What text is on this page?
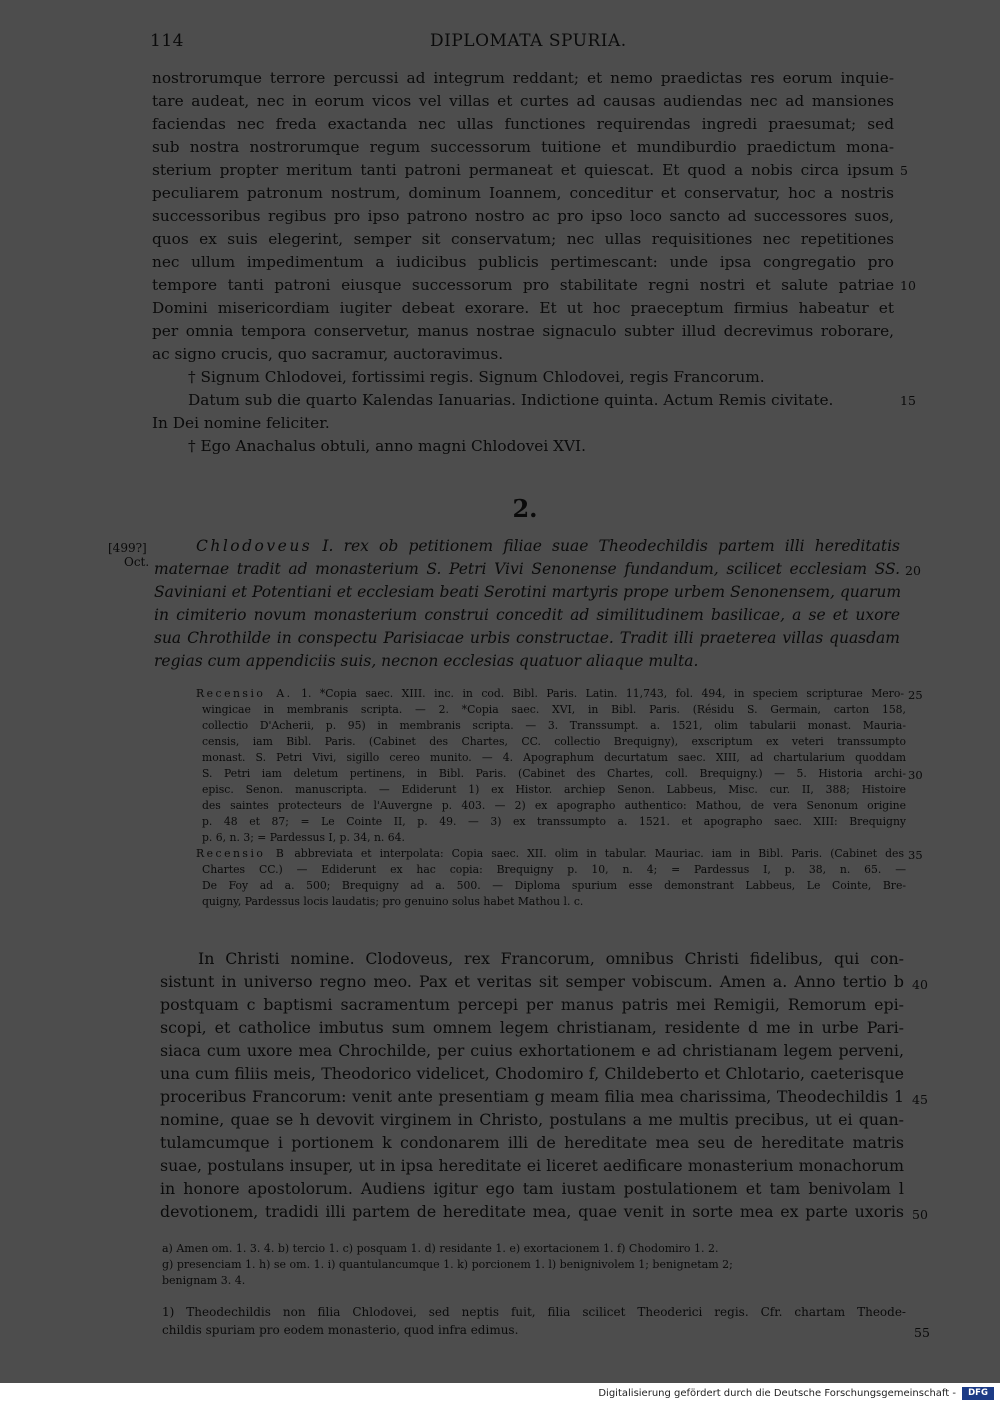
114	DIPLOMATA SPURIA.
nostrorumque terrore percussi ad integrum reddant; et nemo praedictas res eorum inquie-
tare audeat, nec in eorum vicos vel villas et curtes ad causas audiendas nec ad mansiones
faciendas nec freda exactanda nec ullas functiones requirendas ingredi praesumat; sed
sub nostra nostrorumque regum successorum tuitione et mundiburdio praedictum mona-
sterium propter meritum tanti patroni permaneat et quiescat. Et quod a nobis circa ipsum
peculiarem patronum nostrum, dominum Ioannem, conceditur et conservatur, hoc a nostris
successoribus regibus pro ipso patrono nostro ac pro ipso loco sancto ad successores suos,
quos ex suis elegerint, semper sit conservatum; nec ullas requisitiones nec repetitiones
nec ullum impedimentum a iudicibus publicis pertimescant: unde ipsa congregatio pro
tempore tanti patroni eiusque successorum pro stabilitate regni nostri et salute patriae
Domini misericordiam iugiter debeat exorare. Et ut hoc praeceptum firmius habeatur et
per omnia tempora conservetur, manus nostrae signaculo subter illud decrevimus roborare,
ac signo crucis, quo sacramur, auctoravimus.
† Signum Chlodovei, fortissimi regis. Signum Chlodovei, regis Francorum.
Datum sub die quarto Kalendas Ianuarias. Indictione quinta. Actum Remis civitate.
In Dei nomine feliciter.
† Ego Anachalus obtuli, anno magni Chlodovei XVI.
5
10
15
2.
[499?]
Oct.
Chlodoveus I. rex ob petitionem filiae suae Theodechildis partem illi hereditatis
maternae tradit ad monasterium S. Petri Vivi Senonense fundandum, scilicet ecclesiam SS.
Saviniani et Potentiani et ecclesiam beati Serotini martyris prope urbem Senonensem, quarum
in cimiterio novum monasterium construi concedit ad similitudinem basilicae, a se et uxore
sua Chrothilde in conspectu Parisiacae urbis constructae. Tradit illi praeterea villas quasdam
regias cum appendiciis suis, necnon ecclesias quatuor aliaque multa.
20
Recensio A. 1. *Copia saec. XIII. inc. in cod. Bibl. Paris. Latin. 11,743, fol. 494, in speciem scripturae Mero-
wingicae in membranis scripta. — 2. *Copia saec. XVI, in Bibl. Paris. (Résidu S. Germain, carton 158,
collectio D'Acherii, p. 95) in membranis scripta. — 3. Transsumpt. a. 1521, olim tabularii monast. Mauria-
censis, iam Bibl. Paris. (Cabinet des Chartes, CC. collectio Brequigny), exscriptum ex veteri transsumpto
monast. S. Petri Vivi, sigillo cereo munito. — 4. Apographum decurtatum saec. XIII, ad chartularium quoddam
S. Petri iam deletum pertinens, in Bibl. Paris. (Cabinet des Chartes, coll. Brequigny.) — 5. Historia archi-
episc. Senon. manuscripta. — Ediderunt 1) ex Histor. archiep Senon. Labbeus, Misc. cur. II, 388; Histoire
des saintes protecteurs de l'Auvergne p. 403. — 2) ex apographo authentico: Mathou, de vera Senonum origine
p. 48 et 87; = Le Cointe II, p. 49. — 3) ex transsumpto a. 1521. et apographo saec. XIII: Brequigny
p. 6, n. 3; = Pardessus I, p. 34, n. 64.
Recensio B abbreviata et interpolata: Copia saec. XII. olim in tabular. Mauriac. iam in Bibl. Paris. (Cabinet des
Chartes CC.) — Ediderunt ex hac copia: Brequigny p. 10, n. 4; = Pardessus I, p. 38, n. 65. —
De Foy ad a. 500; Brequigny ad a. 500. — Diploma spurium esse demonstrant Labbeus, Le Cointe, Bre-
quigny, Pardessus locis laudatis; pro genuino solus habet Mathou l. c.
25
30
35
In Christi nomine. Clodoveus, rex Francorum, omnibus Christi fidelibus, qui con-
sistunt in universo regno meo. Pax et veritas sit semper vobiscum. Amen a. Anno tertio b
postquam c baptismi sacramentum percepi per manus patris mei Remigii, Remorum epi-
scopi, et catholice imbutus sum omnem legem christianam, residente d me in urbe Pari-
siaca cum uxore mea Chrochilde, per cuius exhortationem e ad christianam legem perveni,
una cum filiis meis, Theodorico videlicet, Chodomiro f, Childeberto et Chlotario, caeterisque
proceribus Francorum: venit ante presentiam g meam filia mea charissima, Theodechildis 1
nomine, quae se h devovit virginem in Christo, postulans a me multis precibus, ut ei quan-
tulamcumque i portionem k condonarem illi de hereditate mea seu de hereditate matris
suae, postulans insuper, ut in ipsa hereditate ei liceret aedificare monasterium monachorum
in honore apostolorum. Audiens igitur ego tam iustam postulationem et tam benivolam l
devotionem, tradidi illi partem de hereditate mea, quae venit in sorte mea ex parte uxoris
40
45
50
a) Amen om. 1. 3. 4. b) tercio 1. c) posquam 1. d) residante 1. e) exortacionem 1. f) Chodomiro 1. 2.
g) presenciam 1. h) se om. 1. i) quantulancumque 1. k) porcionem 1. l) benignivolem 1; benignetam 2;
benignam 3. 4.
1) Theodechildis non filia Chlodovei, sed neptis fuit, filia scilicet Theoderici regis. Cfr. chartam Theode-
childis spuriam pro eodem monasterio, quod infra edimus.	55
Digitalisierung gefördert durch die Deutsche Forschungsgemeinschaft -	DFG
